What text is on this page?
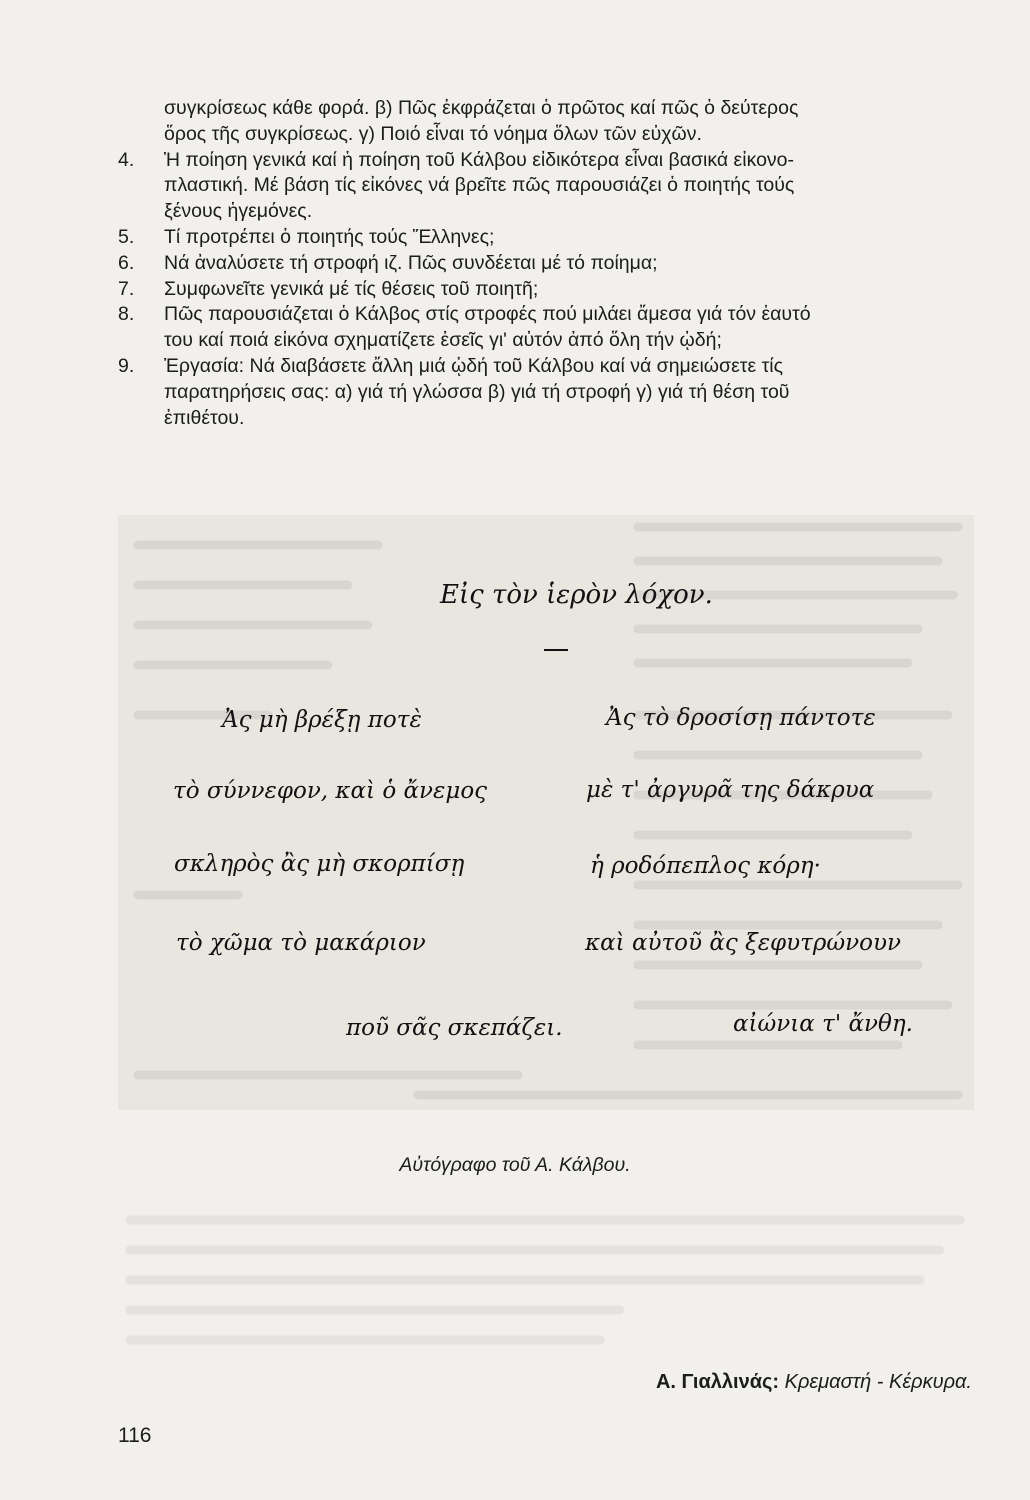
συγκρίσεως κάθε φορά. β) Πῶς ἐκφράζεται ὁ πρῶτος καί πῶς ὁ δεύτερος
ὅρος τῆς συγκρίσεως. γ) Ποιό εἶναι τό νόημα ὅλων τῶν εὐχῶν.
4. Ἡ ποίηση γενικά καί ἡ ποίηση τοῦ Κάλβου εἰδικότερα εἶναι βασικά εἰκονο-
πλαστική. Μέ βάση τίς εἰκόνες νά βρεῖτε πῶς παρουσιάζει ὁ ποιητής τούς
ξένους ἡγεμόνες.
5. Τί προτρέπει ὁ ποιητής τούς Ἕλληνες;
6. Νά ἀναλύσετε τή στροφή ιζ. Πῶς συνδέεται μέ τό ποίημα;
7. Συμφωνεῖτε γενικά μέ τίς θέσεις τοῦ ποιητῆ;
8. Πῶς παρουσιάζεται ὁ Κάλβος στίς στροφές πού μιλάει ἄμεσα γιά τόν ἑαυτό
του καί ποιά εἰκόνα σχηματίζετε ἐσεῖς γι' αὐτόν ἀπό ὅλη τήν ᾠδή;
9. Ἐργασία: Νά διαβάσετε ἄλλη μιά ᾠδή τοῦ Κάλβου καί νά σημειώσετε τίς
παρατηρήσεις σας: α) γιά τή γλώσσα β) γιά τή στροφή γ) γιά τή θέση τοῦ
ἐπιθέτου.
Εἰς τὸν ἱερὸν λόχον.
Ἀς μὴ βρέξῃ ποτὲ
τὸ σύννεφον, καὶ ὁ ἄνεμος
σκληρὸς ἂς μὴ σκορπίσῃ
τὸ χῶμα τὸ μακάριον
ποῦ σᾶς σκεπάζει.
Ἀς τὸ δροσίσῃ πάντοτε
μὲ τ' ἀργυρᾶ της δάκρυα
ἡ ροδόπεπλος κόρη·
καὶ αὐτοῦ ἂς ξεφυτρώνουν
αἰώνια τ' ἄνθη.
Αὐτόγραφο τοῦ Α. Κάλβου.
Α. Γιαλλινάς: Κρεμαστή - Κέρκυρα.
116
